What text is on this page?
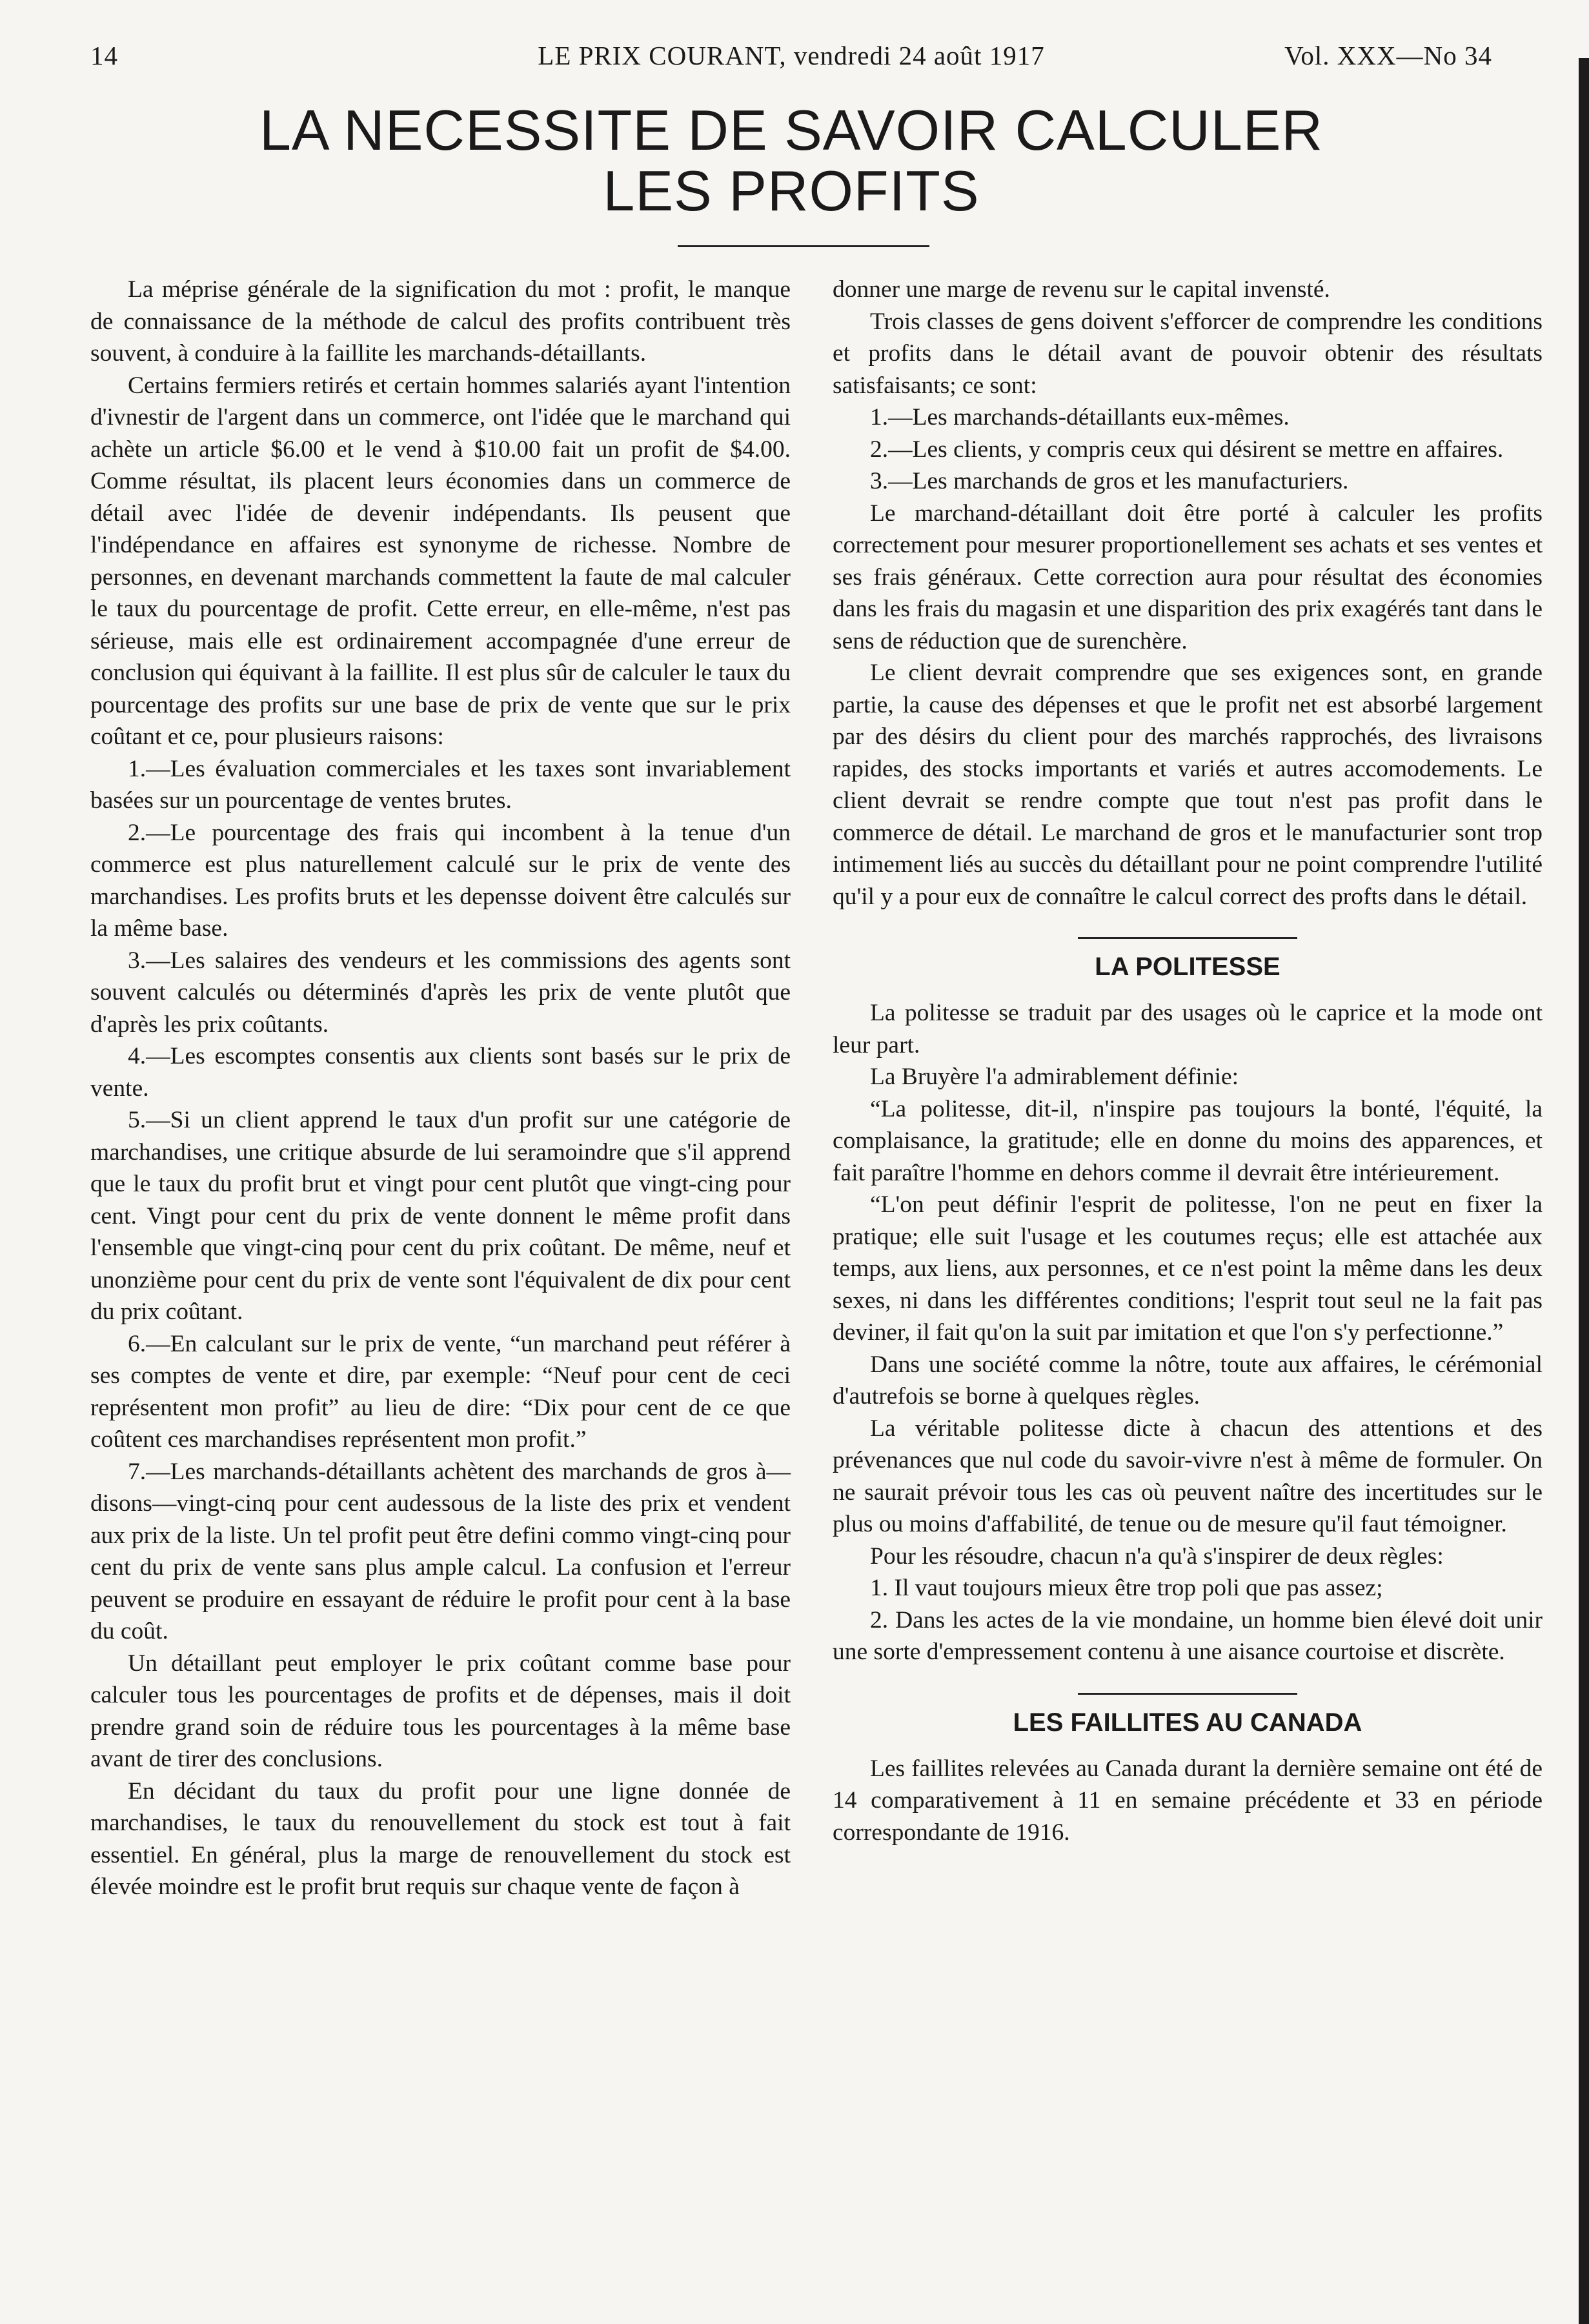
14	LE PRIX COURANT, vendredi 24 août 1917	Vol. XXX—No 34
LA NECESSITE DE SAVOIR CALCULER
LES PROFITS

La méprise générale de la signification du mot : profit, le manque de connaissance de la méthode de calcul des profits contribuent très souvent, à conduire à la faillite les marchands-détaillants.

Certains fermiers retirés et certain hommes salariés ayant l'intention d'ivnestir de l'argent dans un commerce, ont l'idée que le marchand qui achète un article $6.00 et le vend à $10.00 fait un profit de $4.00. Comme résultat, ils placent leurs économies dans un commerce de détail avec l'idée de devenir indépendants. Ils peusent que l'indépendance en affaires est synonyme de richesse. Nombre de personnes, en devenant marchands commettent la faute de mal calculer le taux du pourcentage de profit. Cette erreur, en elle-même, n'est pas sérieuse, mais elle est ordinairement accompagnée d'une erreur de conclusion qui équivant à la faillite. Il est plus sûr de calculer le taux du pourcentage des profits sur une base de prix de vente que sur le prix coûtant et ce, pour plusieurs raisons:

1.—Les évaluation commerciales et les taxes sont invariablement basées sur un pourcentage de ventes brutes.

2.—Le pourcentage des frais qui incombent à la tenue d'un commerce est plus naturellement calculé sur le prix de vente des marchandises. Les profits bruts et les depensse doivent être calculés sur la même base.

3.—Les salaires des vendeurs et les commissions des agents sont souvent calculés ou déterminés d'après les prix de vente plutôt que d'après les prix coûtants.

4.—Les escomptes consentis aux clients sont basés sur le prix de vente.

5.—Si un client apprend le taux d'un profit sur une catégorie de marchandises, une critique absurde de lui seramoindre que s'il apprend que le taux du profit brut et vingt pour cent plutôt que vingt-cing pour cent. Vingt pour cent du prix de vente donnent le même profit dans l'ensemble que vingt-cinq pour cent du prix coûtant. De même, neuf et unonzième pour cent du prix de vente sont l'équivalent de dix pour cent du prix coûtant.

6.—En calculant sur le prix de vente, “un marchand peut référer à ses comptes de vente et dire, par exemple: “Neuf pour cent de ceci représentent mon profit” au lieu de dire: “Dix pour cent de ce que coûtent ces marchandises représentent mon profit.”

7.—Les marchands-détaillants achètent des marchands de gros à—disons—vingt-cinq pour cent audessous de la liste des prix et vendent aux prix de la liste. Un tel profit peut être defini commo vingt-cinq pour cent du prix de vente sans plus ample calcul. La confusion et l'erreur peuvent se produire en essayant de réduire le profit pour cent à la base du coût.

Un détaillant peut employer le prix coûtant comme base pour calculer tous les pourcentages de profits et de dépenses, mais il doit prendre grand soin de réduire tous les pourcentages à la même base avant de tirer des conclusions.

En décidant du taux du profit pour une ligne donnée de marchandises, le taux du renouvellement du stock est tout à fait essentiel. En général, plus la marge de renouvellement du stock est élevée moindre est le profit brut requis sur chaque vente de façon à

donner une marge de revenu sur le capital invensté.

Trois classes de gens doivent s'efforcer de comprendre les conditions et profits dans le détail avant de pouvoir obtenir des résultats satisfaisants; ce sont:

1.—Les marchands-détaillants eux-mêmes.

2.—Les clients, y compris ceux qui désirent se mettre en affaires.

3.—Les marchands de gros et les manufacturiers.

Le marchand-détaillant doit être porté à calculer les profits correctement pour mesurer proportionellement ses achats et ses ventes et ses frais généraux. Cette correction aura pour résultat des économies dans les frais du magasin et une disparition des prix exagérés tant dans le sens de réduction que de surenchère.

Le client devrait comprendre que ses exigences sont, en grande partie, la cause des dépenses et que le profit net est absorbé largement par des désirs du client pour des marchés rapprochés, des livraisons rapides, des stocks importants et variés et autres accomodements. Le client devrait se rendre compte que tout n'est pas profit dans le commerce de détail. Le marchand de gros et le manufacturier sont trop intimement liés au succès du détaillant pour ne point comprendre l'utilité qu'il y a pour eux de connaître le calcul correct des profts dans le détail.

LA POLITESSE

La politesse se traduit par des usages où le caprice et la mode ont leur part.

La Bruyère l'a admirablement définie:

“La politesse, dit-il, n'inspire pas toujours la bonté, l'équité, la complaisance, la gratitude; elle en donne du moins des apparences, et fait paraître l'homme en dehors comme il devrait être intérieurement.

“L'on peut définir l'esprit de politesse, l'on ne peut en fixer la pratique; elle suit l'usage et les coutumes reçus; elle est attachée aux temps, aux liens, aux personnes, et ce n'est point la même dans les deux sexes, ni dans les différentes conditions; l'esprit tout seul ne la fait pas deviner, il fait qu'on la suit par imitation et que l'on s'y perfectionne.”

Dans une société comme la nôtre, toute aux affaires, le cérémonial d'autrefois se borne à quelques règles.

La véritable politesse dicte à chacun des attentions et des prévenances que nul code du savoir-vivre n'est à même de formuler. On ne saurait prévoir tous les cas où peuvent naître des incertitudes sur le plus ou moins d'affabilité, de tenue ou de mesure qu'il faut témoigner.

Pour les résoudre, chacun n'a qu'à s'inspirer de deux règles:

1. Il vaut toujours mieux être trop poli que pas assez;

2. Dans les actes de la vie mondaine, un homme bien élevé doit unir une sorte d'empressement contenu à une aisance courtoise et discrète.

LES FAILLITES AU CANADA

Les faillites relevées au Canada durant la dernière semaine ont été de 14 comparativement à 11 en semaine précédente et 33 en période correspondante de 1916.
